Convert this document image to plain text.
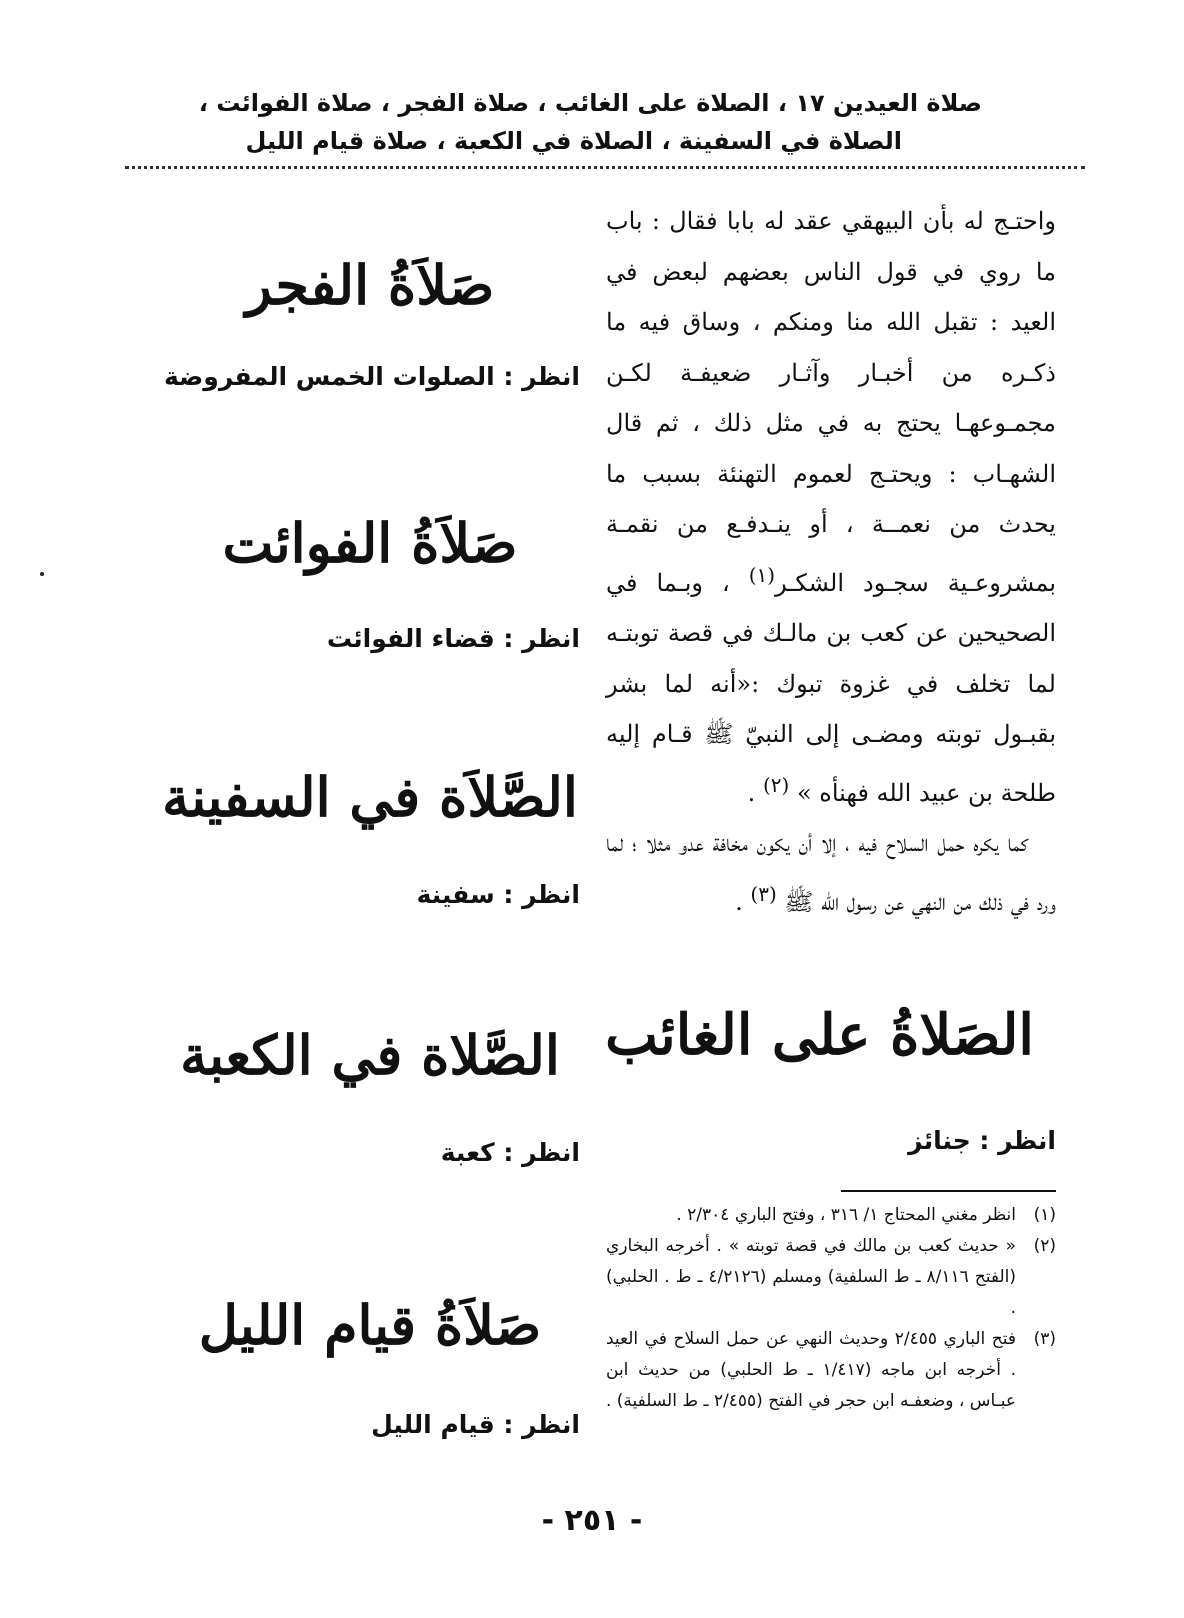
صلاة العيدين ١٧ ، الصلاة على الغائب ، صلاة الفجر ، صلاة الفوائت ،
الصلاة في السفينة ، الصلاة في الكعبة ، صلاة قيام الليل

واحتـج له بأن البيهقي عقد له بابا فقال : باب ما روي في قول الناس بعضهم لبعض في العيد : تقبل الله منا ومنكم ، وساق فيه ما ذكـره من أخبـار وآثـار ضعيفـة لكـن مجمـوعهـا يحتج به في مثل ذلك ، ثم قال الشهـاب : ويحتـج لعموم التهنئة بسبب ما يحدث من نعمــة ، أو ينـدفـع من نقمـة بمشروعـية سجـود الشكـر$^{(١)}$ ، وبـما في الصحيحين عن كعب بن مالـك في قصة توبتـه لما تخلف في غزوة تبوك :«أنه لما بشر بقبـول توبته ومضـى إلى النبيّ ﷺ قـام إليه طلحة بن عبيد الله فهنأه » $^{(٢)}$ .

كما يكره حمل السلاح فيه ، إلا أن يكون مخافة عدو مثلا ؛ لما ورد في ذلك من النهي عن رسول الله ﷺ $^{(٣)}$ .

الصَلاةُ على الغائب
انظر : جنائز
(١)
انظر مغني المحتاج ١/ ٣١٦ ، وفتح الباري ٢/٣٠٤ .
(٢)
« حديث كعب بن مالك في قصة توبته » . أخرجه البخاري (الفتح ٨/١١٦ ـ ط السلفية) ومسلم (٤/٢١٢٦ ـ ط . الحلبي) .
(٣)
فتح الباري ٢/٤٥٥ وحديث النهي عن حمل السلاح في العيد . أخرجه ابن ماجه (١/٤١٧ ـ ط الحلبي) من حديث ابن عبـاس ، وضعفـه ابن حجر في الفتح (٢/٤٥٥ ـ ط السلفية) .
صَلاَةُ الفجر
انظر : الصلوات الخمس المفروضة
صَلاَةُ الفوائت
انظر : قضاء الفوائت
الصَّلاَة في السفينة
انظر : سفينة
الصَّلاة في الكعبة
انظر : كعبة
صَلاَةُ قيام الليل
انظر : قيام الليل
- ٢٥١ -
